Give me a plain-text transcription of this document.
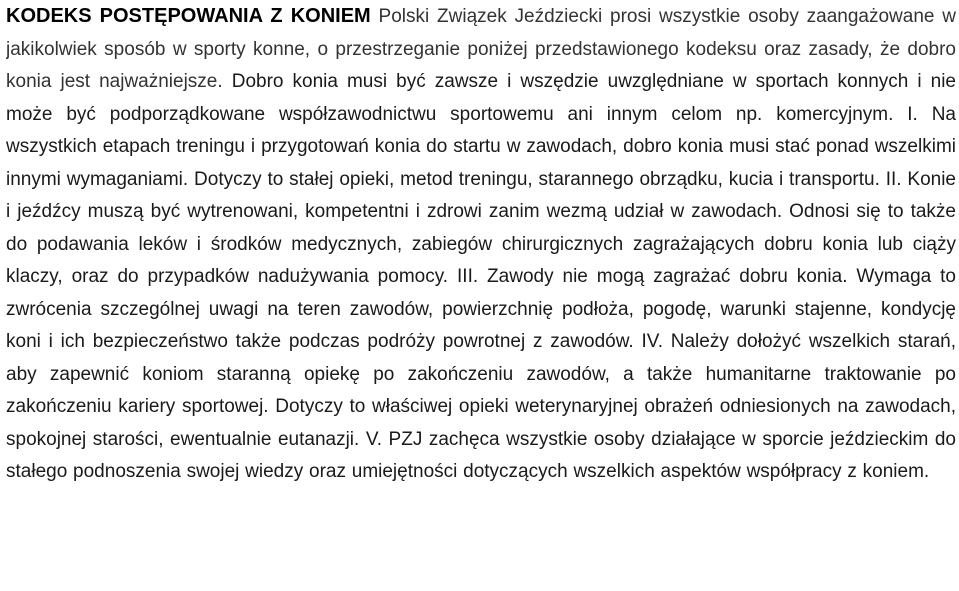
KODEKS POSTĘPOWANIA Z KONIEM Polski Związek Jeździecki prosi wszystkie osoby zaangażowane w jakikolwiek sposób w sporty konne, o przestrzeganie poniżej przedstawionego kodeksu oraz zasady, że dobro konia jest najważniejsze. Dobro konia musi być zawsze i wszędzie uwzględniane w sportach konnych i nie może być podporządkowane współzawodnictwu sportowemu ani innym celom np. komercyjnym. I. Na wszystkich etapach treningu i przygotowań konia do startu w zawodach, dobro konia musi stać ponad wszelkimi innymi wymaganiami. Dotyczy to stałej opieki, metod treningu, starannego obrządku, kucia i transportu. II. Konie i jeźdźcy muszą być wytrenowani, kompetentni i zdrowi zanim wezmą udział w zawodach. Odnosi się to także do podawania leków i środków medycznych, zabiegów chirurgicznych zagrażających dobru konia lub ciąży klaczy, oraz do przypadków nadużywania pomocy. III. Zawody nie mogą zagrażać dobru konia. Wymaga to zwrócenia szczególnej uwagi na teren zawodów, powierzchnię podłoża, pogodę, warunki stajenne, kondycję koni i ich bezpieczeństwo także podczas podróży powrotnej z zawodów. IV. Należy dołożyć wszelkich starań, aby zapewnić koniom staranną opiekę po zakończeniu zawodów, a także humanitarne traktowanie po zakończeniu kariery sportowej. Dotyczy to właściwej opieki weterynaryjnej obrażeń odniesionych na zawodach, spokojnej starości, ewentualnie eutanazji. V. PZJ zachęca wszystkie osoby działające w sporcie jeździeckim do stałego podnoszenia swojej wiedzy oraz umiejętności dotyczących wszelkich aspektów współpracy z koniem.
